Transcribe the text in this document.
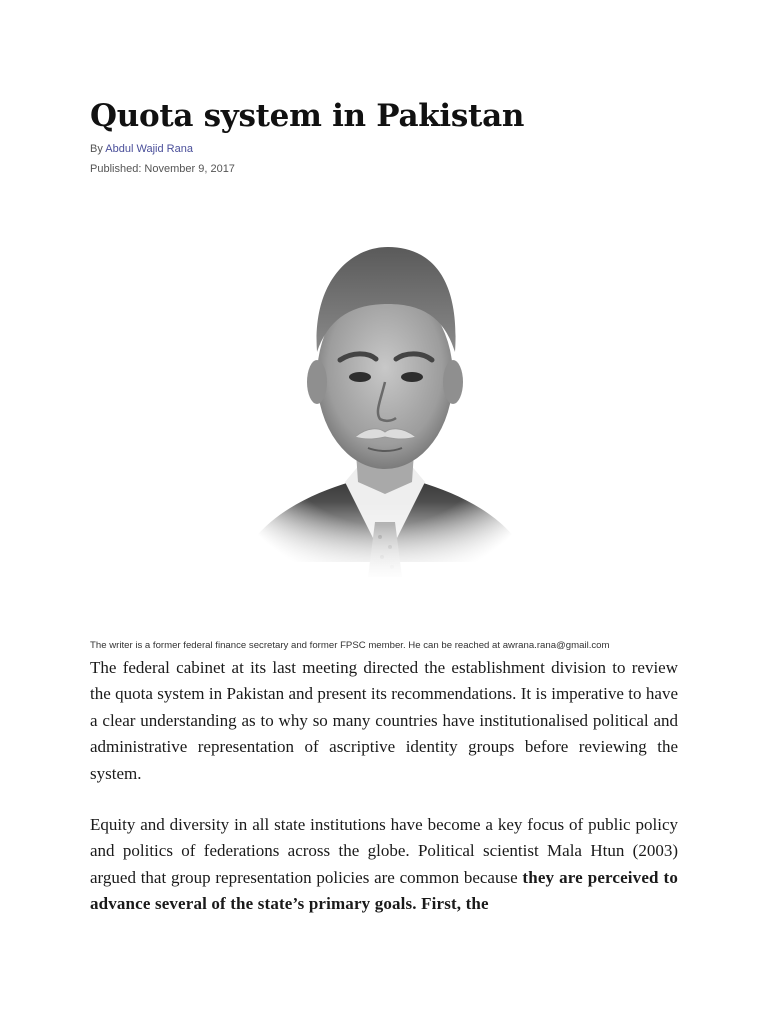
Quota system in Pakistan
By Abdul Wajid Rana
Published: November 9, 2017
The writer is a former federal finance secretary and former FPSC member. He can be reached at awrana.rana@gmail.com

The federal cabinet at its last meeting directed the establishment division to review the quota system in Pakistan and present its recommendations. It is imperative to have a clear understanding as to why so many countries have institutionalised political and administrative representation of ascriptive identity groups before reviewing the system.

Equity and diversity in all state institutions have become a key focus of public policy and politics of federations across the globe. Political scientist Mala Htun (2003) argued that group representation policies are common because they are perceived to advance several of the state’s primary goals. First, the
